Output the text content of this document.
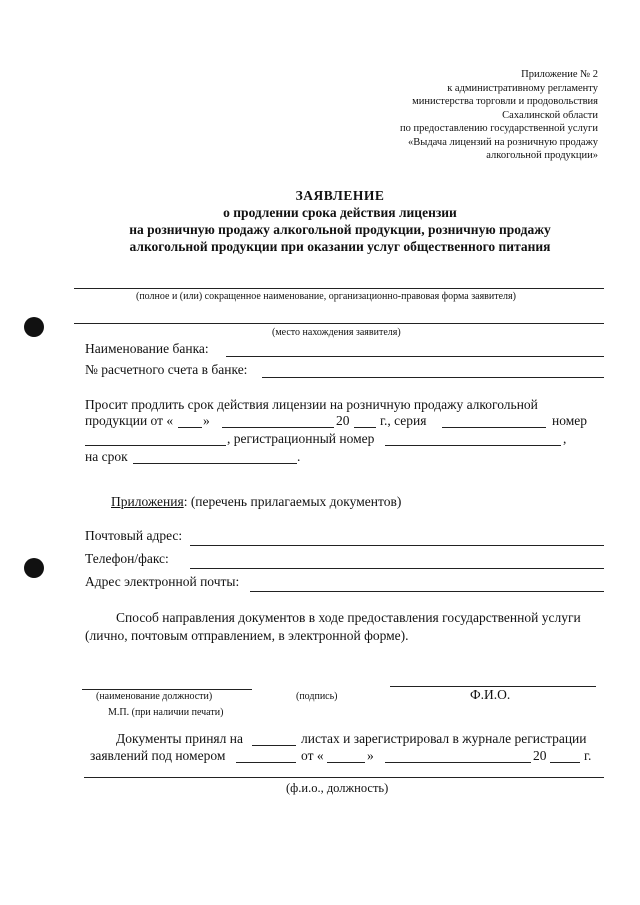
Приложение № 2
к административному регламенту
министерства торговли и продовольствия
Сахалинской области
по предоставлению государственной услуги
«Выдача лицензий на розничную продажу
алкогольной продукции»
ЗАЯВЛЕНИЕ
о продлении срока действия лицензии
на розничную продажу алкогольной продукции, розничную продажу
алкогольной продукции при оказании услуг общественного питания
(полное и (или) сокращенное наименование, организационно-правовая форма заявителя)
(место нахождения заявителя)
Наименование банка:
№ расчетного счета в банке:
Просит продлить срок действия лицензии на розничную продажу алкогольной
продукции от « »	20 г., серия	номер
, регистрационный номер	,
на срок	.
Приложения: (перечень прилагаемых документов)
Почтовый адрес:
Телефон/факс:
Адрес электронной почты:
Способ направления документов в ходе предоставления государственной услуги
(лично, почтовым отправлением, в электронной форме).
(наименование должности)	(подпись)	Ф.И.О.
М.П. (при наличии печати)
Документы принял на	листах и зарегистрировал в журнале регистрации
заявлений под номером	от «	»	20	г.
(ф.и.о., должность)
